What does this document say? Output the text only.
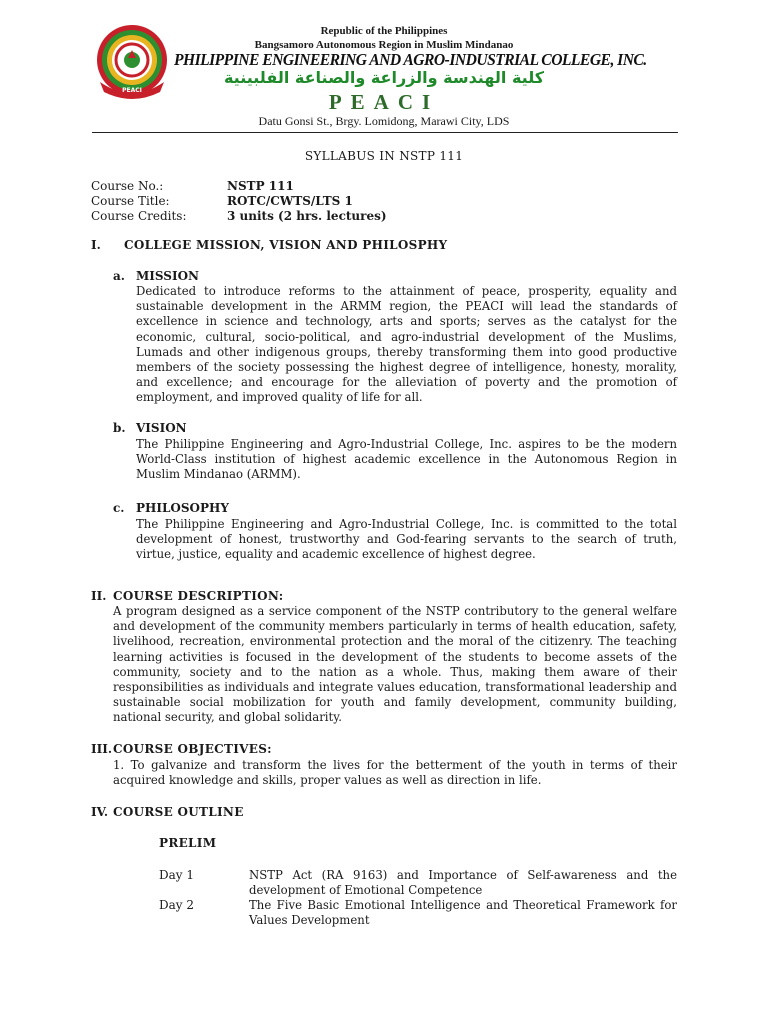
PEACI
Republic of the Philippines
Bangsamoro Autonomous Region in Muslim Mindanao
PHILIPPINE ENGINEERING AND AGRO-INDUSTRIAL COLLEGE, INC.
كلية الهندسة والزراعة والصناعة الفلبينية
PEACI
Datu Gonsi St., Brgy. Lomidong, Marawi City, LDS
SYLLABUS IN NSTP 111
Course No.:	NSTP 111
Course Title:	ROTC/CWTS/LTS 1
Course Credits:	3 units (2 hrs. lectures)
I. COLLEGE MISSION, VISION AND PHILOSPHY
a. MISSION
Dedicated to introduce reforms to the attainment of peace, prosperity, equality and sustainable development in the ARMM region, the PEACI will lead the standards of excellence in science and technology, arts and sports; serves as the catalyst for the economic, cultural, socio-political, and agro-industrial development of the Muslims, Lumads and other indigenous groups, thereby transforming them into good productive members of the society possessing the highest degree of intelligence, honesty, morality, and excellence; and encourage for the alleviation of poverty and the promotion of employment, and improved quality of life for all.
b. VISION
The Philippine Engineering and Agro-Industrial College, Inc. aspires to be the modern World-Class institution of highest academic excellence in the Autonomous Region in Muslim Mindanao (ARMM).
c. PHILOSOPHY
The Philippine Engineering and Agro-Industrial College, Inc. is committed to the total development of honest, trustworthy and God-fearing servants to the search of truth, virtue, justice, equality and academic excellence of highest degree.
II. COURSE DESCRIPTION:
A program designed as a service component of the NSTP contributory to the general welfare and development of the community members particularly in terms of health education, safety, livelihood, recreation, environmental protection and the moral of the citizenry. The teaching learning activities is focused in the development of the students to become assets of the community, society and to the nation as a whole. Thus, making them aware of their responsibilities as individuals and integrate values education, transformational leadership and sustainable social mobilization for youth and family development, community building, national security, and global solidarity.
III. COURSE OBJECTIVES:
1. To galvanize and transform the lives for the betterment of the youth in terms of their acquired knowledge and skills, proper values as well as direction in life.
IV. COURSE OUTLINE
PRELIM
Day 1	NSTP Act (RA 9163) and Importance of Self-awareness and the development of Emotional Competence
Day 2	The Five Basic Emotional Intelligence and Theoretical Framework for Values Development
